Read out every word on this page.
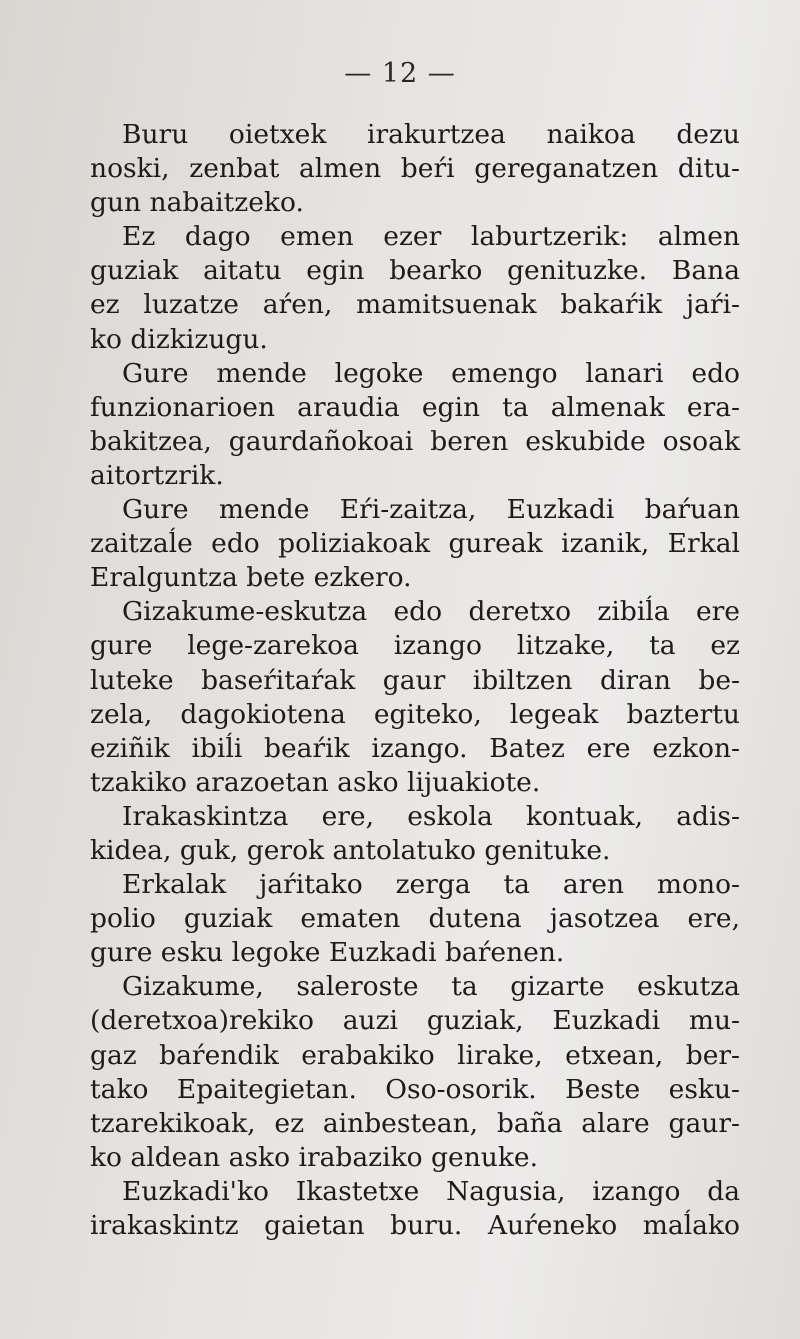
— 12 —

Buru oietxek irakurtzea naikoa dezu
noski, zenbat almen beŕi gereganatzen ditu-
gun nabaitzeko.

Ez dago emen ezer laburtzerik: almen
guziak aitatu egin bearko genituzke. Bana
ez luzatze aŕen, mamitsuenak bakaŕik jaŕi-
ko dizkizugu.

Gure mende legoke emengo lanari edo
funzionarioen araudia egin ta almenak era-
bakitzea, gaurdañokoai beren eskubide osoak
aitortzrik.

Gure mende Eŕi-zaitza, Euzkadi baŕuan
zaitzaĺe edo poliziakoak gureak izanik, Erkal
Eralguntza bete ezkero.

Gizakume-eskutza edo deretxo zibiĺa ere
gure lege-zarekoa izango litzake, ta ez
luteke baseŕitaŕak gaur ibiltzen diran be-
zela, dagokiotena egiteko, legeak baztertu
eziñik ibiĺi beaŕik izango. Batez ere ezkon-
tzakiko arazoetan asko lijuakiote.

Irakaskintza ere, eskola kontuak, adis-
kidea, guk, gerok antolatuko genituke.

Erkalak jaŕitako zerga ta aren mono-
polio guziak ematen dutena jasotzea ere,
gure esku legoke Euzkadi baŕenen.

Gizakume, saleroste ta gizarte eskutza
(deretxoa)rekiko auzi guziak, Euzkadi mu-
gaz baŕendik erabakiko lirake, etxean, ber-
tako Epaitegietan. Oso-osorik. Beste esku-
tzarekikoak, ez ainbestean, baña alare gaur-
ko aldean asko irabaziko genuke.

Euzkadi'ko Ikastetxe Nagusia, izango da
irakaskintz gaietan buru. Auŕeneko maĺako
